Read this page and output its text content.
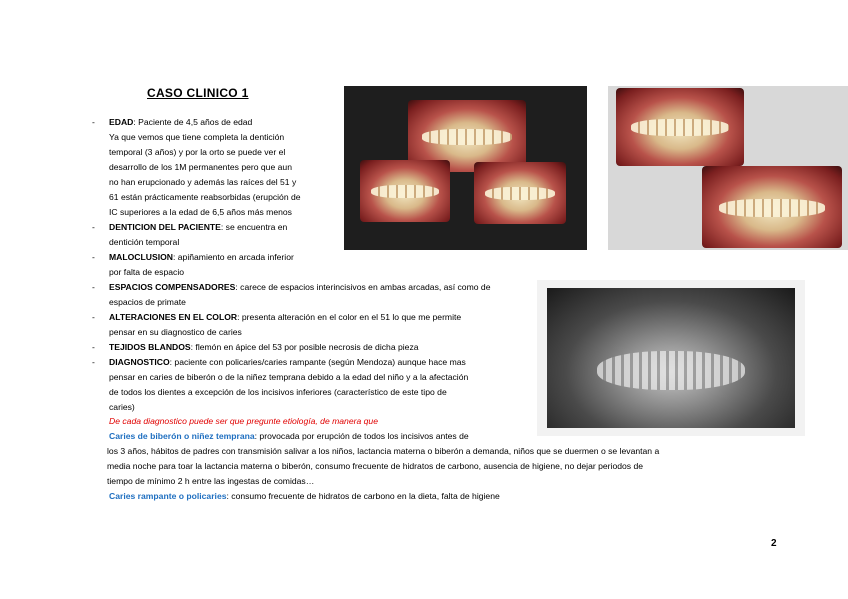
CASO CLINICO 1
- EDAD: Paciente de 4,5 años de edad
Ya que vemos que tiene completa la dentición
temporal (3 años) y por la orto se puede ver el
desarrollo de los 1M permanentes pero que aun
no han erupcionado y además las raíces del 51 y
61 están prácticamente reabsorbidas (erupción de
IC superiores a la edad de 6,5 años más menos
- DENTICION DEL PACIENTE: se encuentra en
dentición temporal
- MALOCLUSION: apiñamiento en arcada inferior
por falta de espacio
- ESPACIOS COMPENSADORES: carece de espacios interincisivos en ambas arcadas, así como de
espacios de primate
- ALTERACIONES EN EL COLOR: presenta alteración en el color en el 51 lo que me permite
pensar en su diagnostico de caries
- TEJIDOS BLANDOS: flemón en ápice del 53 por posible necrosis de dicha pieza
- DIAGNOSTICO: paciente con policaries/caries rampante (según Mendoza) aunque hace mas
pensar en caries de biberón o de la niñez temprana debido a la edad del niño y a la afectación
de todos los dientes a excepción de los incisivos inferiores (característico de este tipo de
caries)
De cada diagnostico puede ser que pregunte etiología, de manera que
Caries de biberón o niñez temprana: provocada por erupción de todos los incisivos antes de
los 3 años, hábitos de padres con transmisión salivar a los niños, lactancia materna o biberón a demanda, niños que se duermen o se levantan a
media noche para toar la lactancia materna o biberón, consumo frecuente de hidratos de carbono, ausencia de higiene, no dejar periodos de
tiempo de mínimo 2 h entre las ingestas de comidas…
Caries rampante o policaries: consumo frecuente de hidratos de carbono en la dieta, falta de higiene
2
